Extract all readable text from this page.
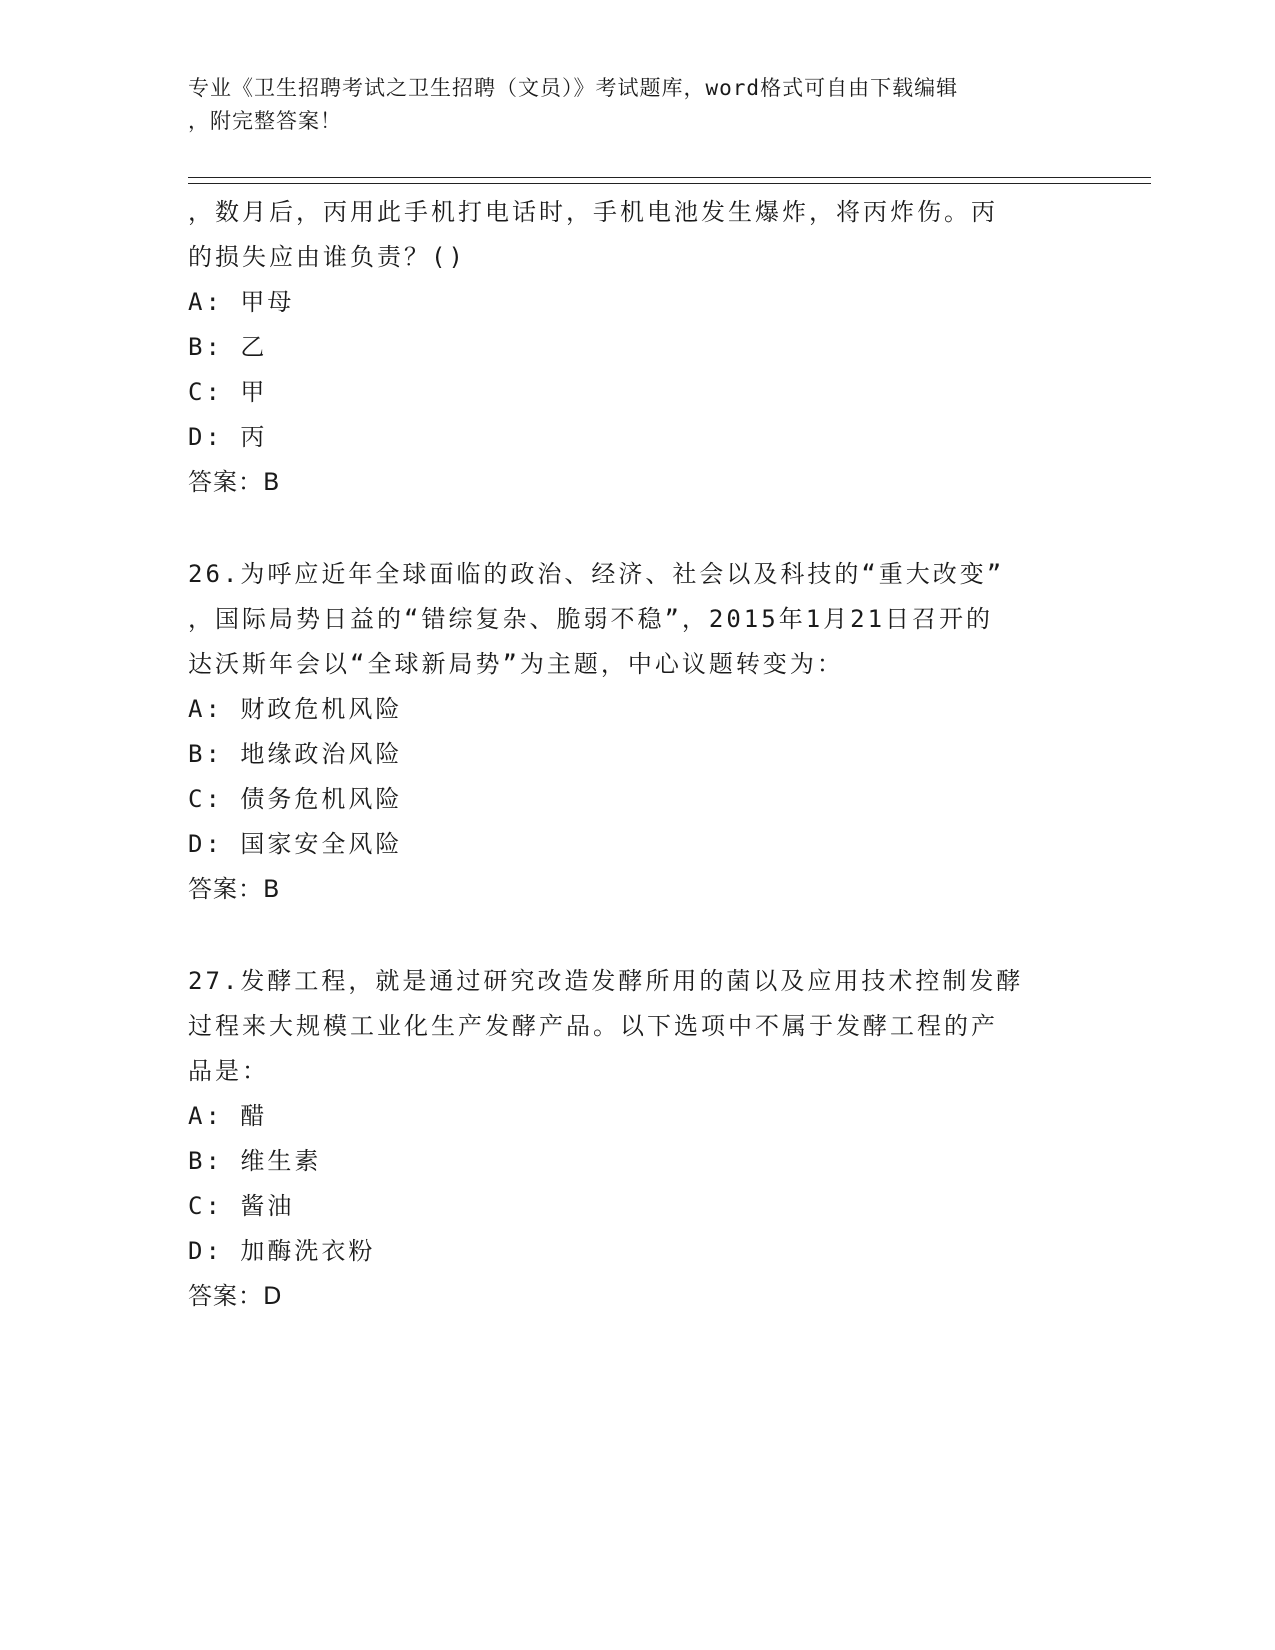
专业《卫生招聘考试之卫生招聘（文员）》考试题库，word格式可自由下载编辑
，附完整答案！
，数月后，丙用此手机打电话时，手机电池发生爆炸，将丙炸伤。丙
的损失应由谁负责？()
A: 甲母
B: 乙
C: 甲
D: 丙
答案：B
26.为呼应近年全球面临的政治、经济、社会以及科技的“重大改变”
，国际局势日益的“错综复杂、脆弱不稳”，2015年1月21日召开的
达沃斯年会以“全球新局势”为主题，中心议题转变为：
A: 财政危机风险
B: 地缘政治风险
C: 债务危机风险
D: 国家安全风险
答案：B
27.发酵工程，就是通过研究改造发酵所用的菌以及应用技术控制发酵
过程来大规模工业化生产发酵产品。以下选项中不属于发酵工程的产
品是：
A: 醋
B: 维生素
C: 酱油
D: 加酶洗衣粉
答案：D
